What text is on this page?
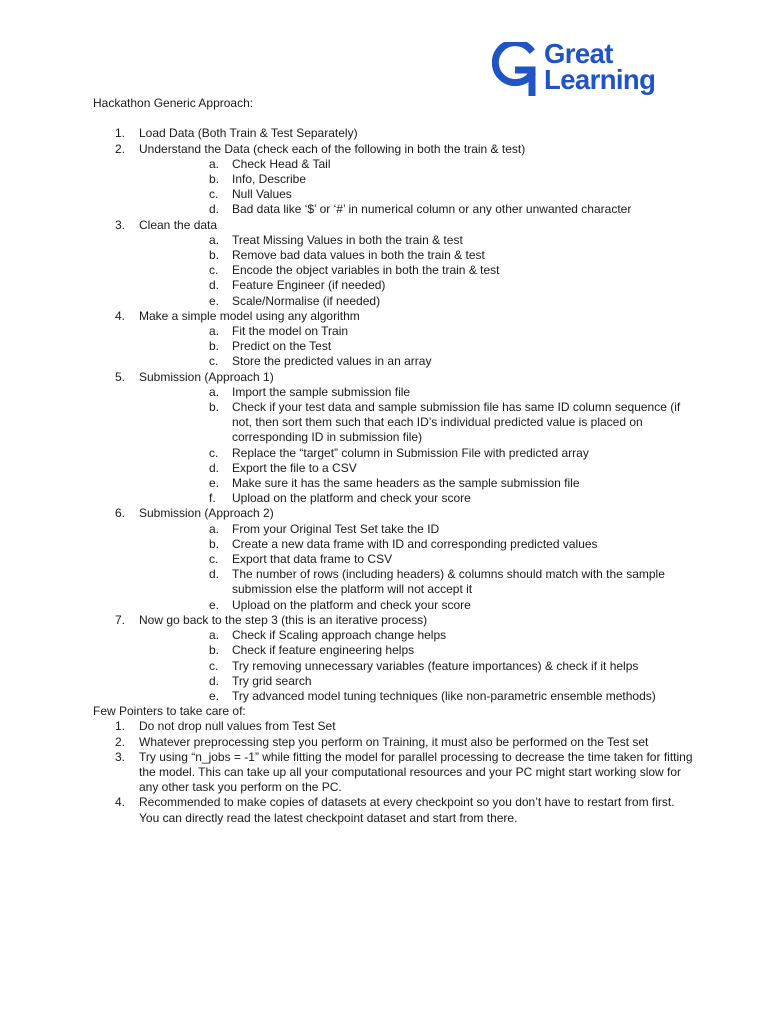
Great
Learning

Hackathon Generic Approach:

1. Load Data (Both Train & Test Separately)
2. Understand the Data (check each of the following in both the train & test)
a. Check Head & Tail
b. Info, Describe
c. Null Values
d. Bad data like ‘$’ or ‘#’ in numerical column or any other unwanted character
3. Clean the data
a. Treat Missing Values in both the train & test
b. Remove bad data values in both the train & test
c. Encode the object variables in both the train & test
d. Feature Engineer (if needed)
e. Scale/Normalise (if needed)
4. Make a simple model using any algorithm
a. Fit the model on Train
b. Predict on the Test
c. Store the predicted values in an array
5. Submission (Approach 1)
a. Import the sample submission file
b. Check if your test data and sample submission file has same ID column sequence (if not, then sort them such that each ID’s individual predicted value is placed on corresponding ID in submission file)
c. Replace the “target” column in Submission File with predicted array
d. Export the file to a CSV
e. Make sure it has the same headers as the sample submission file
f. Upload on the platform and check your score
6. Submission (Approach 2)
a. From your Original Test Set take the ID
b. Create a new data frame with ID and corresponding predicted values
c. Export that data frame to CSV
d. The number of rows (including headers) & columns should match with the sample submission else the platform will not accept it
e. Upload on the platform and check your score
7. Now go back to the step 3 (this is an iterative process)
a. Check if Scaling approach change helps
b. Check if feature engineering helps
c. Try removing unnecessary variables (feature importances) & check if it helps
d. Try grid search
e. Try advanced model tuning techniques (like non-parametric ensemble methods)

Few Pointers to take care of:

1. Do not drop null values from Test Set
2. Whatever preprocessing step you perform on Training, it must also be performed on the Test set
3. Try using “n_jobs = -1” while fitting the model for parallel processing to decrease the time taken for fitting the model. This can take up all your computational resources and your PC might start working slow for any other task you perform on the PC.
4. Recommended to make copies of datasets at every checkpoint so you don’t have to restart from first. You can directly read the latest checkpoint dataset and start from there.
